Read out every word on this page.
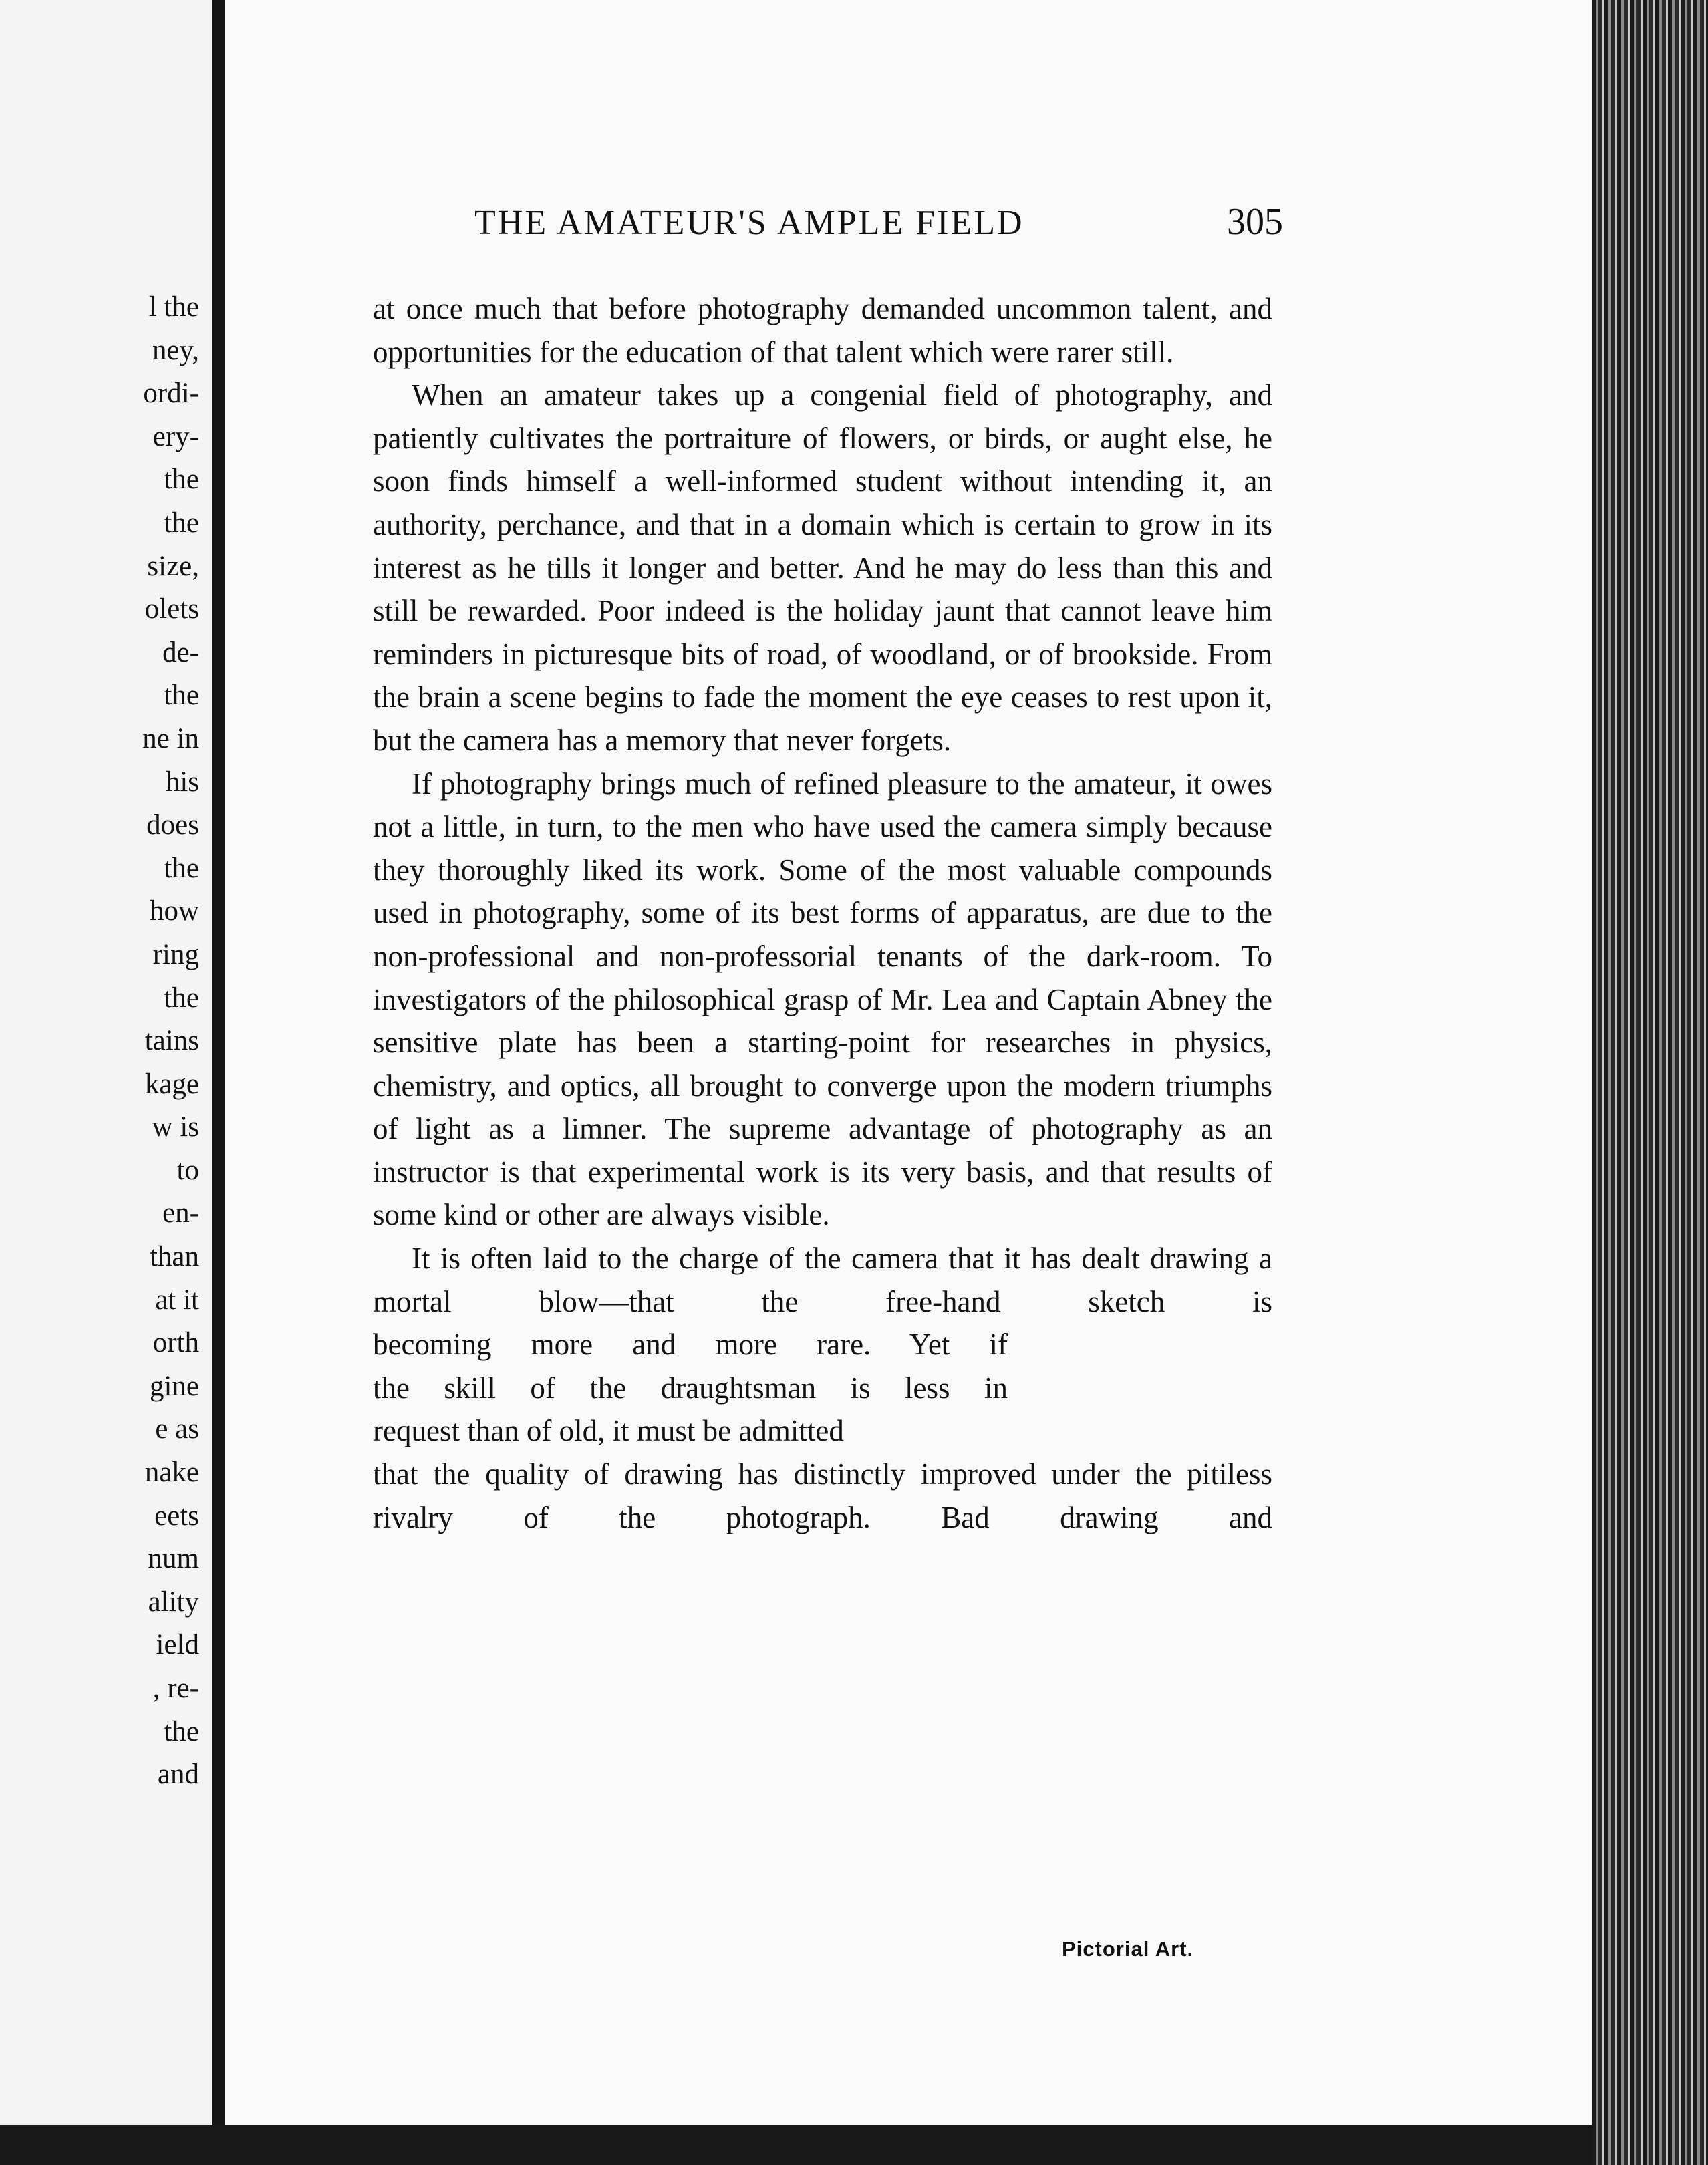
l the
ney,
ordi-
ery-
the
the
size,
olets
de-
the
ne in
his
does
the
how
ring
the
tains
kage
w is
to
en-
than
at it
orth
gine
e as
nake
eets
num
ality
ield
, re-
the
and
THE AMATEUR'S AMPLE FIELD	305

at once much that before photography demanded uncommon talent, and opportunities for the education of that talent which were rarer still.

When an amateur takes up a congenial field of photography, and patiently cultivates the portraiture of flowers, or birds, or aught else, he soon finds himself a well-informed student without intending it, an authority, perchance, and that in a domain which is certain to grow in its interest as he tills it longer and better. And he may do less than this and still be rewarded. Poor indeed is the holiday jaunt that cannot leave him reminders in picturesque bits of road, of woodland, or of brookside. From the brain a scene begins to fade the moment the eye ceases to rest upon it, but the camera has a memory that never forgets.

If photography brings much of refined pleasure to the amateur, it owes not a little, in turn, to the men who have used the camera simply because they thoroughly liked its work. Some of the most valuable compounds used in photography, some of its best forms of apparatus, are due to the non-professional and non-professorial tenants of the dark-room. To investigators of the philosophical grasp of Mr. Lea and Captain Abney the sensitive plate has been a starting-point for researches in physics, chemistry, and optics, all brought to converge upon the modern triumphs of light as a limner. The supreme advantage of photography as an instructor is that experimental work is its very basis, and that results of some kind or other are always visible.

It is often laid to the charge of the camera that it has dealt drawing a mortal blow—that the free-hand sketch is

becoming more and more rare. Yet if

the skill of the draughtsman is less in

request than of old, it must be admitted

that the quality of drawing has distinctly improved under the pitiless rivalry of the photograph. Bad drawing and

Pictorial Art.
